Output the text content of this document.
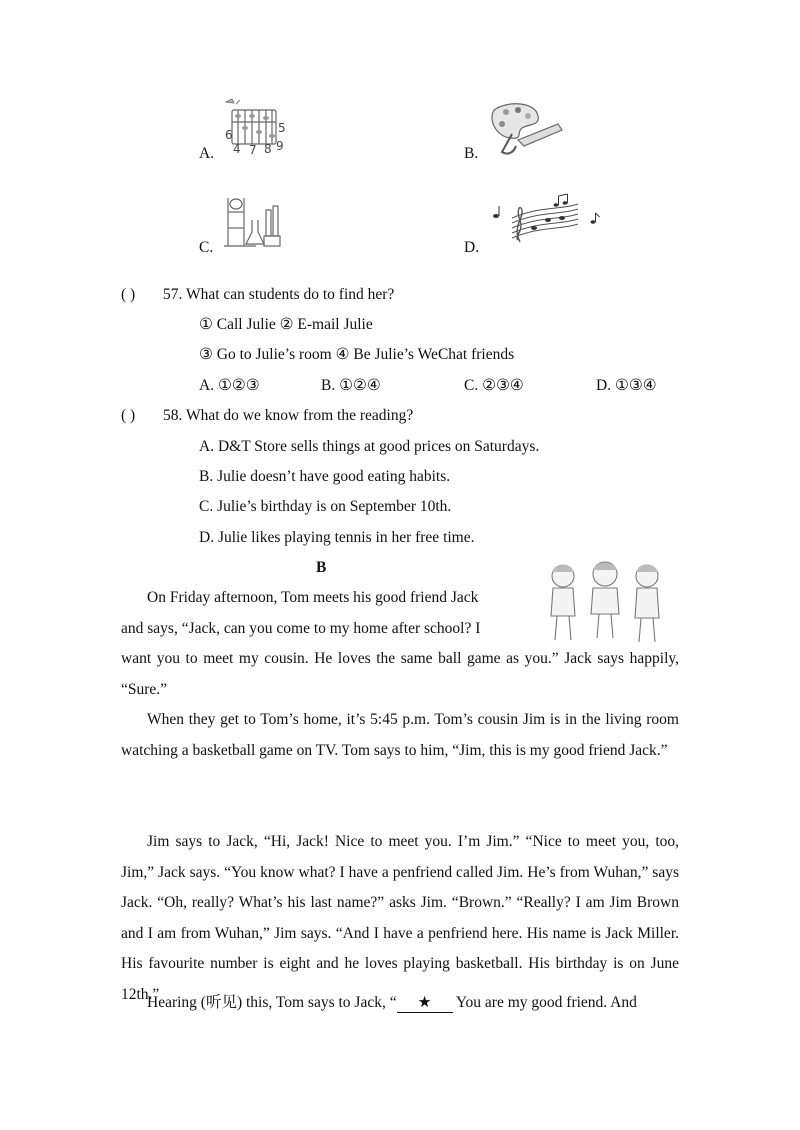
A.
6	5
4 7 8 9	B.
C.	D.
( ) 57. What can students do to find her?
① Call Julie ② E-mail Julie
③ Go to Julie’s room ④ Be Julie’s WeChat friends
A. ①②③	B. ①②④	C. ②③④	D. ①③④
( ) 58. What do we know from the reading?
A. D&T Store sells things at good prices on Saturdays.
B. Julie doesn’t have good eating habits.
C. Julie’s birthday is on September 10th.
D. Julie likes playing tennis in her free time.
B
On Friday afternoon, Tom meets his good friend Jack
and says, “Jack, can you come to my home after school? I
want you to meet my cousin. He loves the same ball game as you.” Jack says happily, “Sure.”
When they get to Tom’s home, it’s 5:45 p.m. Tom’s cousin Jim is in the living room watching a basketball game on TV. Tom says to him, “Jim, this is my good friend Jack.”
Jim says to Jack, “Hi, Jack! Nice to meet you. I’m Jim.” “Nice to meet you, too, Jim,” Jack says. “You know what? I have a penfriend called Jim. He’s from Wuhan,” says Jack. “Oh, really? What’s his last name?” asks Jim. “Brown.” “Really? I am Jim Brown and I am from Wuhan,” Jim says. “And I have a penfriend here. His name is Jack Miller. His favourite number is eight and he loves playing basketball. His birthday is on June 12th.”
Hearing (听见) this, Tom says to Jack, “ ★ You are my good friend. And
